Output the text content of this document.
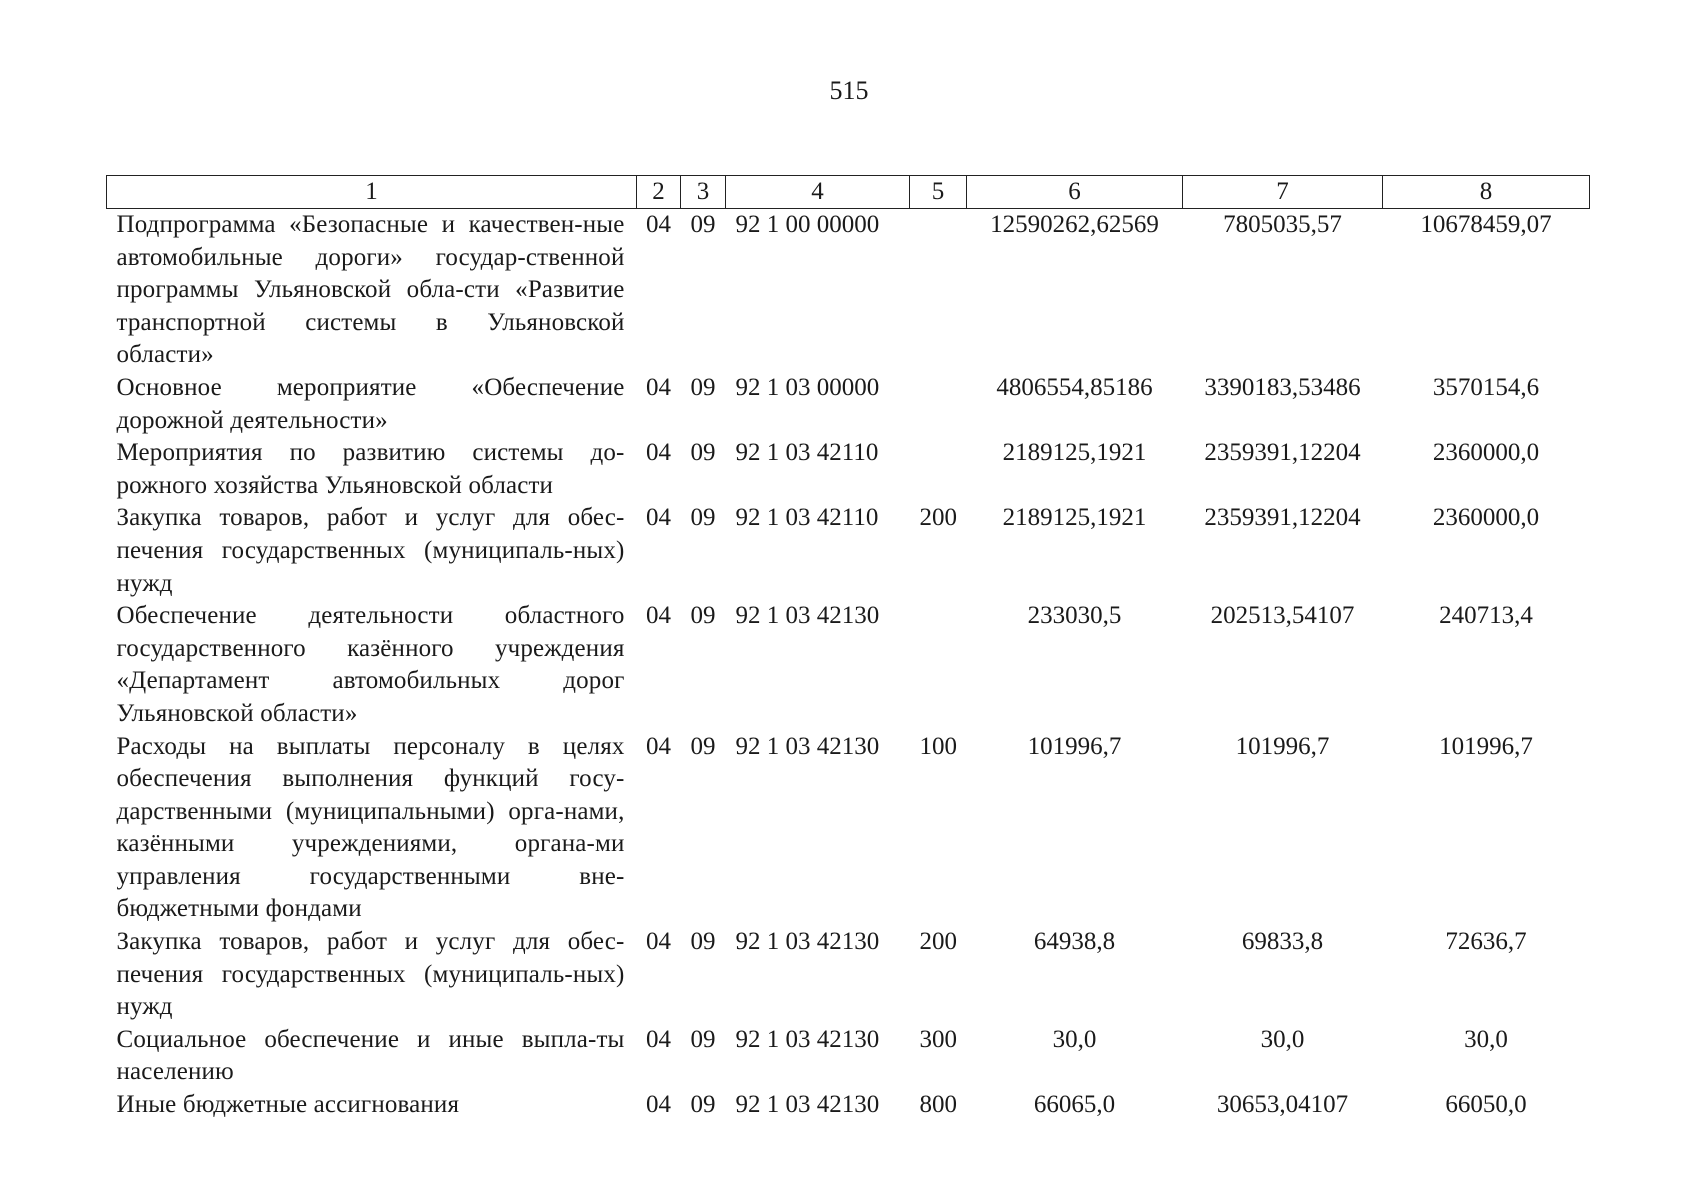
515
1	2	3	4	5	6	7	8
Подпрограмма «Безопасные и качествен-ные автомобильные дороги» государ-ственной программы Ульяновской обла-сти «Развитие транспортной системы в Ульяновской области»	04	09	92 1 00 00000		12590262,62569	7805035,57	10678459,07
Основное мероприятие «Обеспечение дорожной деятельности»	04	09	92 1 03 00000		4806554,85186	3390183,53486	3570154,6
Мероприятия по развитию системы до-рожного хозяйства Ульяновской области	04	09	92 1 03 42110		2189125,1921	2359391,12204	2360000,0
Закупка товаров, работ и услуг для обес-печения государственных (муниципаль-ных) нужд	04	09	92 1 03 42110	200	2189125,1921	2359391,12204	2360000,0
Обеспечение деятельности областного государственного казённого учреждения «Департамент автомобильных дорог Ульяновской области»	04	09	92 1 03 42130		233030,5	202513,54107	240713,4
Расходы на выплаты персоналу в целях обеспечения выполнения функций госу-дарственными (муниципальными) орга-нами, казёнными учреждениями, органа-ми управления государственными вне-бюджетными фондами	04	09	92 1 03 42130	100	101996,7	101996,7	101996,7
Закупка товаров, работ и услуг для обес-печения государственных (муниципаль-ных) нужд	04	09	92 1 03 42130	200	64938,8	69833,8	72636,7
Социальное обеспечение и иные выпла-ты населению	04	09	92 1 03 42130	300	30,0	30,0	30,0
Иные бюджетные ассигнования	04	09	92 1 03 42130	800	66065,0	30653,04107	66050,0
